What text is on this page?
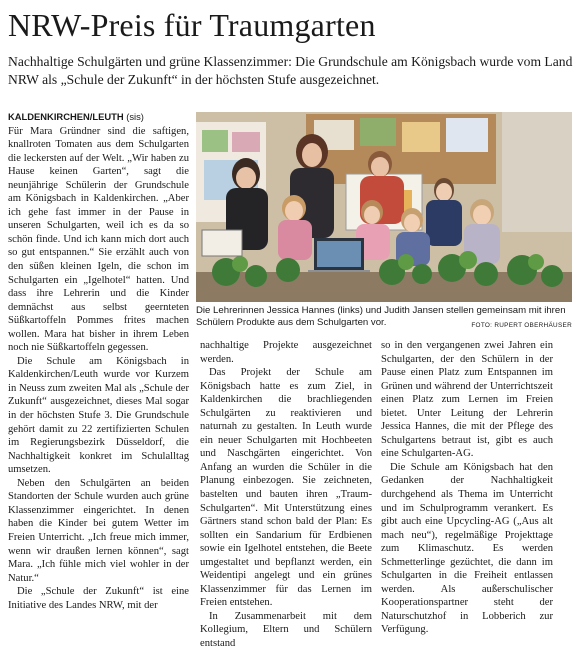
NRW-Preis für Traumgarten

Nachhaltige Schulgärten und grüne Klassenzimmer: Die Grundschule am Königsbach wurde vom Land NRW als „Schule der Zukunft“ in der höchsten Stufe ausgezeichnet.

KALDENKIRCHEN/LEUTH (sis)

Für Mara Gründner sind die saftigen, knallroten Tomaten aus dem Schulgarten die leckersten auf der Welt. „Wir haben zu Hause keinen Garten“, sagt die neunjährige Schülerin der Grundschule am Königsbach in Kaldenkirchen. „Aber ich gehe fast immer in der Pause in unseren Schulgarten, weil ich es da so schön finde. Und ich kann mich dort auch so gut entspannen.“ Sie erzählt auch von den süßen kleinen Igeln, die schon im Schulgarten ein „Igelhotel“ hatten. Und dass ihre Lehrerin und die Kinder demnächst aus selbst geernteten Süßkartoffeln Pommes frites machen wollen. Mara hat bisher in ihrem Leben noch nie Süßkartoffeln gegessen.

Die Schule am Königsbach in Kaldenkirchen/Leuth wurde vor Kurzem in Neuss zum zweiten Mal als „Schule der Zukunft“ ausgezeichnet, dieses Mal sogar in der höchsten Stufe 3. Die Grundschule gehört damit zu 22 zertifizierten Schulen im Regierungsbezirk Düsseldorf, die Nachhaltigkeit konkret im Schulalltag umsetzen.

Neben den Schulgärten an beiden Standorten der Schule wurden auch grüne Klassenzimmer eingerichtet. In denen haben die Kinder bei gutem Wetter im Freien Unterricht. „Ich freue mich immer, wenn wir draußen lernen können“, sagt Mara. „Ich fühle mich viel wohler in der Natur.“

Die „Schule der Zukunft“ ist eine Initiative des Landes NRW, mit der

Die Lehrerinnen Jessica Hannes (links) und Judith Jansen stellen gemeinsam mit ihren Schülern Produkte aus dem Schulgarten vor.	FOTO: RUPERT OBERHÄUSER

nachhaltige Projekte ausgezeichnet werden.

Das Projekt der Schule am Königsbach hatte es zum Ziel, in Kaldenkirchen die brachliegenden Schulgärten zu reaktivieren und naturnah zu gestalten. In Leuth wurde ein neuer Schulgarten mit Hochbeeten und Naschgärten eingerichtet. Von Anfang an wurden die Schüler in die Planung einbezogen. Sie zeichneten, bastelten und bauten ihren „Traum-Schulgarten“. Mit Unterstützung eines Gärtners stand schon bald der Plan: Es sollten ein Sandarium für Erdbienen sowie ein Igelhotel entstehen, die Beete umgestaltet und bepflanzt werden, ein Weidentipi angelegt und ein grünes Klassenzimmer für das Lernen im Freien entstehen.

In Zusammenarbeit mit dem Kollegium, Eltern und Schülern entstand

so in den vergangenen zwei Jahren ein Schulgarten, der den Schülern in der Pause einen Platz zum Entspannen im Grünen und während der Unterrichtszeit einen Platz zum Lernen im Freien bietet. Unter Leitung der Lehrerin Jessica Hannes, die mit der Pflege des Schulgartens betraut ist, gibt es auch eine Schulgarten-AG.

Die Schule am Königsbach hat den Gedanken der Nachhaltigkeit durchgehend als Thema im Unterricht und im Schulprogramm verankert. Es gibt auch eine Upcycling-AG („Aus alt mach neu“), regelmäßige Projekttage zum Klimaschutz. Es werden Schmetterlinge gezüchtet, die dann im Schulgarten in die Freiheit entlassen werden. Als außerschulischer Kooperationspartner steht der Naturschutzhof in Lobberich zur Verfügung.
